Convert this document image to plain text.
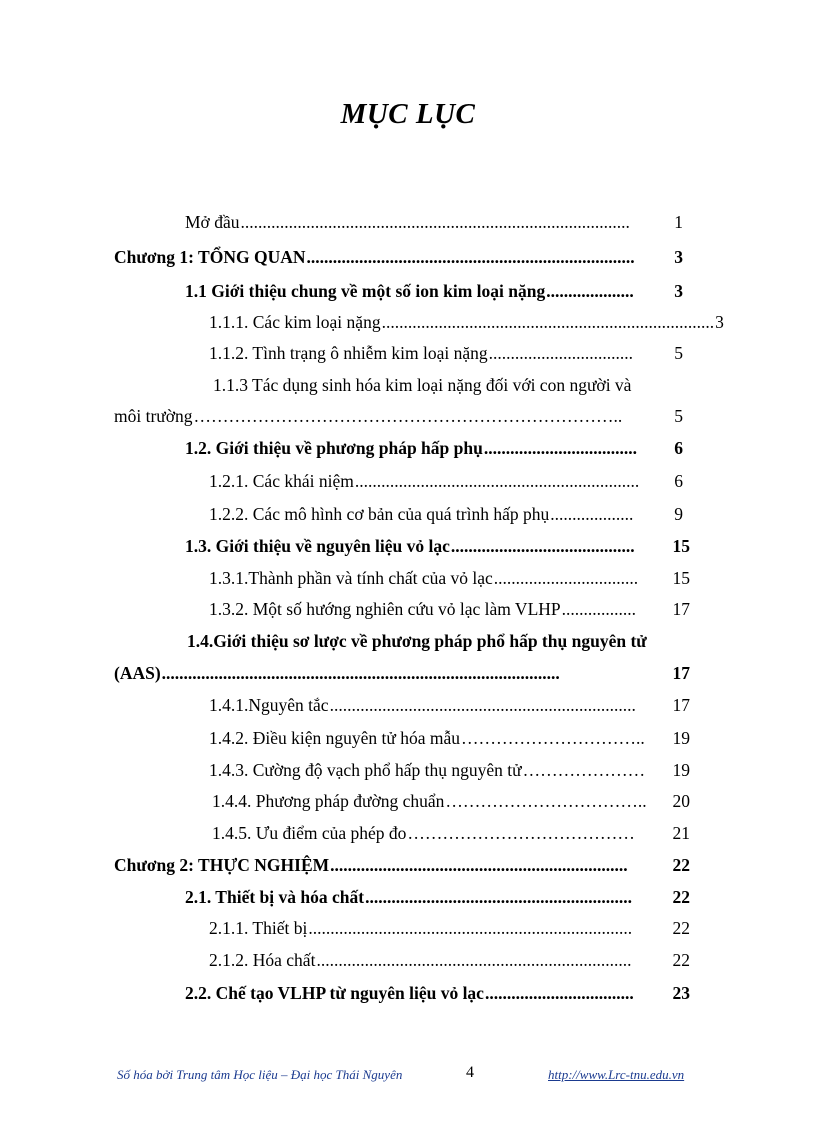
MỤC LỤC
Mở đầu .........................................................................................	1
Chương 1: TỔNG QUAN ...........................................................................	3
1.1 Giới thiệu chung về một số ion kim loại nặng ....................	3
1.1.1. Các kim loại nặng ............................................................................ 3
1.1.2. Tình trạng ô nhiễm kim loại nặng .................................	5
1.1.3 Tác dụng sinh hóa kim loại nặng đối với con người và
môi trường ………………………………………………………………..	5
1.2. Giới thiệu về phương pháp hấp phụ ...................................	6
1.2.1. Các khái niệm .................................................................	6
1.2.2. Các mô hình cơ bản của quá trình hấp phụ ...................	9
1.3. Giới thiệu về nguyên liệu vỏ lạc ..........................................	15
1.3.1.Thành phần và tính chất của vỏ lạc .................................	15
1.3.2. Một số hướng nghiên cứu vỏ lạc làm VLHP .................	17
1.4.Giới thiệu sơ lược về phương pháp phổ hấp thụ nguyên tử
(AAS) ...........................................................................................	17
1.4.1.Nguyên tắc ......................................................................	17
1.4.2. Điều kiện nguyên tử hóa mẫu …………………………..	19
1.4.3. Cường độ vạch phổ hấp thụ nguyên tử …………………	19
1.4.4. Phương pháp đường chuẩn ……………………………..	20
1.4.5. Ưu điểm của phép đo …………………………………	21
Chương 2: THỰC NGHIỆM ....................................................................	22
2.1. Thiết bị và hóa chất .............................................................	22
2.1.1. Thiết bị ..........................................................................	22
2.1.2. Hóa chất ........................................................................	22
2.2. Chế tạo VLHP từ nguyên liệu vỏ lạc ..................................	23
Số hóa bởi Trung tâm Học liệu – Đại học Thái Nguyên	4	http://www.Lrc-tnu.edu.vn
